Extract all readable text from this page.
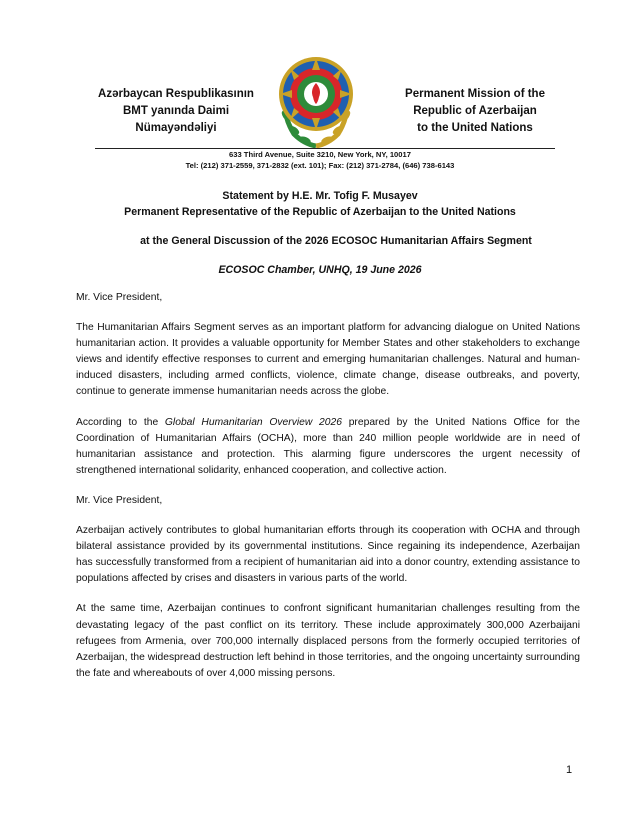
Azərbaycan Respublikasının
BMT yanında Daimi
Nümayəndəliyi
Permanent Mission of the
Republic of Azerbaijan
to the United Nations
633 Third Avenue, Suite 3210, New York, NY, 10017
Tel: (212) 371-2559, 371-2832 (ext. 101); Fax: (212) 371-2784, (646) 738-6143
Statement by H.E. Mr. Tofig F. Musayev
Permanent Representative of the Republic of Azerbaijan to the United Nations
at the General Discussion of the 2026 ECOSOC Humanitarian Affairs Segment
ECOSOC Chamber, UNHQ, 19 June 2026

Mr. Vice President,

The Humanitarian Affairs Segment serves as an important platform for advancing dialogue on United Nations humanitarian action. It provides a valuable opportunity for Member States and other stakeholders to exchange views and identify effective responses to current and emerging humanitarian challenges. Natural and human-induced disasters, including armed conflicts, violence, climate change, disease outbreaks, and poverty, continue to generate immense humanitarian needs across the globe.

According to the Global Humanitarian Overview 2026 prepared by the United Nations Office for the Coordination of Humanitarian Affairs (OCHA), more than 240 million people worldwide are in need of humanitarian assistance and protection. This alarming figure underscores the urgent necessity of strengthened international solidarity, enhanced cooperation, and collective action.

Mr. Vice President,

Azerbaijan actively contributes to global humanitarian efforts through its cooperation with OCHA and through bilateral assistance provided by its governmental institutions. Since regaining its independence, Azerbaijan has successfully transformed from a recipient of humanitarian aid into a donor country, extending assistance to populations affected by crises and disasters in various parts of the world.

At the same time, Azerbaijan continues to confront significant humanitarian challenges resulting from the devastating legacy of the past conflict on its territory. These include approximately 300,000 Azerbaijani refugees from Armenia, over 700,000 internally displaced persons from the formerly occupied territories of Azerbaijan, the widespread destruction left behind in those territories, and the ongoing uncertainty surrounding the fate and whereabouts of over 4,000 missing persons.

1
